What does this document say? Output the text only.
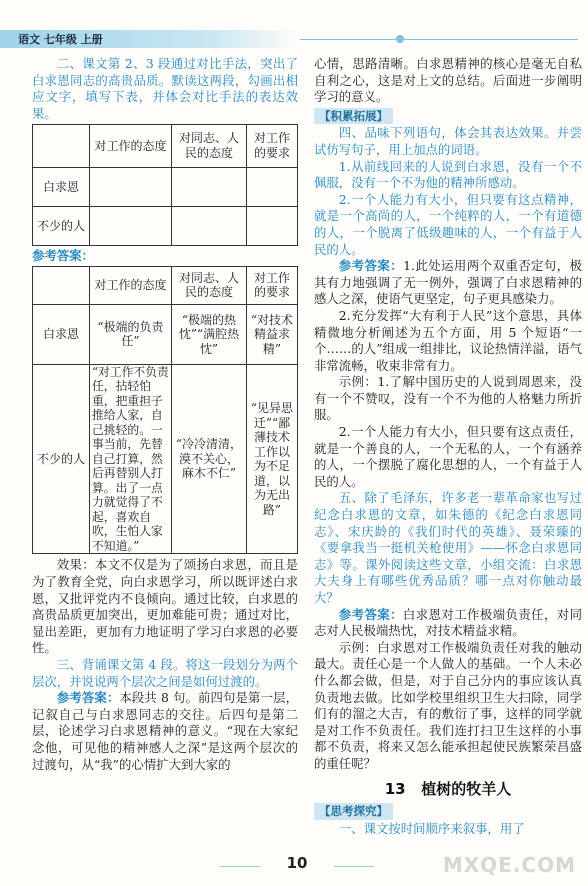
语文 七年级 上册

二、课文第 2、3 段通过对比手法，突出了白求恩同志的高贵品质。默读这两段，勾画出相应文字，填写下表，并体会对比手法的表达效果。

	对工作的态度	对同志、人民的态度	对工作的要求
白求恩			
不少的人			
参考答案：
	对工作的态度	对同志、人民的态度	对工作的要求
白求恩	“极端的负责任”	“极端的热忱”“满腔热忱”	“对技术精益求精”
不少的人	“对工作不负责任，拈轻怕重，把重担子推给人家，自己挑轻的。一事当前，先替自己打算，然后再替别人打算。出了一点力就觉得了不起，喜欢自吹，生怕人家不知道。”	“冷冷清清，漠不关心，麻木不仁”	“见异思迁”“鄙薄技术工作以为不足道，以为无出路”

效果：本文不仅是为了颂扬白求恩，而且是为了教育全党，向白求恩学习，所以既评述白求恩，又批评党内不良倾向。通过比较，白求恩的高贵品质更加突出，更加难能可贵；通过对比，显出差距，更加有力地证明了学习白求恩的必要性。

三、背诵课文第 4 段。将这一段划分为两个层次，并说说两个层次之间是如何过渡的。

参考答案：本段共 8 句。前四句是第一层，记叙自己与白求恩同志的交往。后四句是第二层，论述学习白求恩精神的意义。“现在大家纪念他，可见他的精神感人之深”是这两个层次的过渡句，从“我”的心情扩大到大家的

心情，思路清晰。白求恩精神的核心是毫无自私自利之心，这是对上文的总结。后面进一步阐明学习的意义。

【积累拓展】

四、品味下列语句，体会其表达效果。并尝试仿写句子，用上加点的词语。

1.从前线回来的人说到白求恩，没有一个不佩服，没有一个不为他的精神所感动。

2.一个人能力有大小，但只要有这点精神，就是一个高尚的人，一个纯粹的人，一个有道德的人，一个脱离了低级趣味的人，一个有益于人民的人。

参考答案：1.此处运用两个双重否定句，极其有力地强调了无一例外，强调了白求恩精神的感人之深，使语气更坚定，句子更具感染力。

2.充分发挥“大有利于人民”这个意思，具体精微地分析阐述为五个方面，用 5 个短语“一个……的人”组成一组排比，议论热情洋溢，语气非常流畅，收束非常有力。

示例：1.了解中国历史的人说到周恩来，没有一个不赞叹，没有一个不为他的人格魅力所折服。

2.一个人能力有大小，但只要有这点责任，就是一个善良的人，一个无私的人，一个有涵养的人，一个摆脱了腐化思想的人，一个有益于人民的人。

五、除了毛泽东，许多老一辈革命家也写过纪念白求恩的文章，如朱德的《纪念白求恩同志》、宋庆龄的《我们时代的英雄》、聂荣臻的《要拿我当一挺机关枪使用》——怀念白求恩同志》等。课外阅读这些文章，小组交流：白求恩大夫身上有哪些优秀品质？哪一点对你触动最大？

参考答案：白求恩对工作极端负责任，对同志对人民极端热忱，对技术精益求精。

示例：白求恩对工作极端负责任对我的触动最大。责任心是一个人做人的基础。一个人未必什么都会做，但是，对于自己分内的事应该认真负责地去做。比如学校里组织卫生大扫除，同学们有的溜之大吉，有的敷衍了事，这样的同学就是对工作不负责任。我们连打扫卫生这样的小事都不负责，将来又怎么能承担起使民族繁荣昌盛的重任呢？

13 植树的牧羊人
【思考探究】

一、课文按时间顺序来叙事，用了

10	MXQE.COM
